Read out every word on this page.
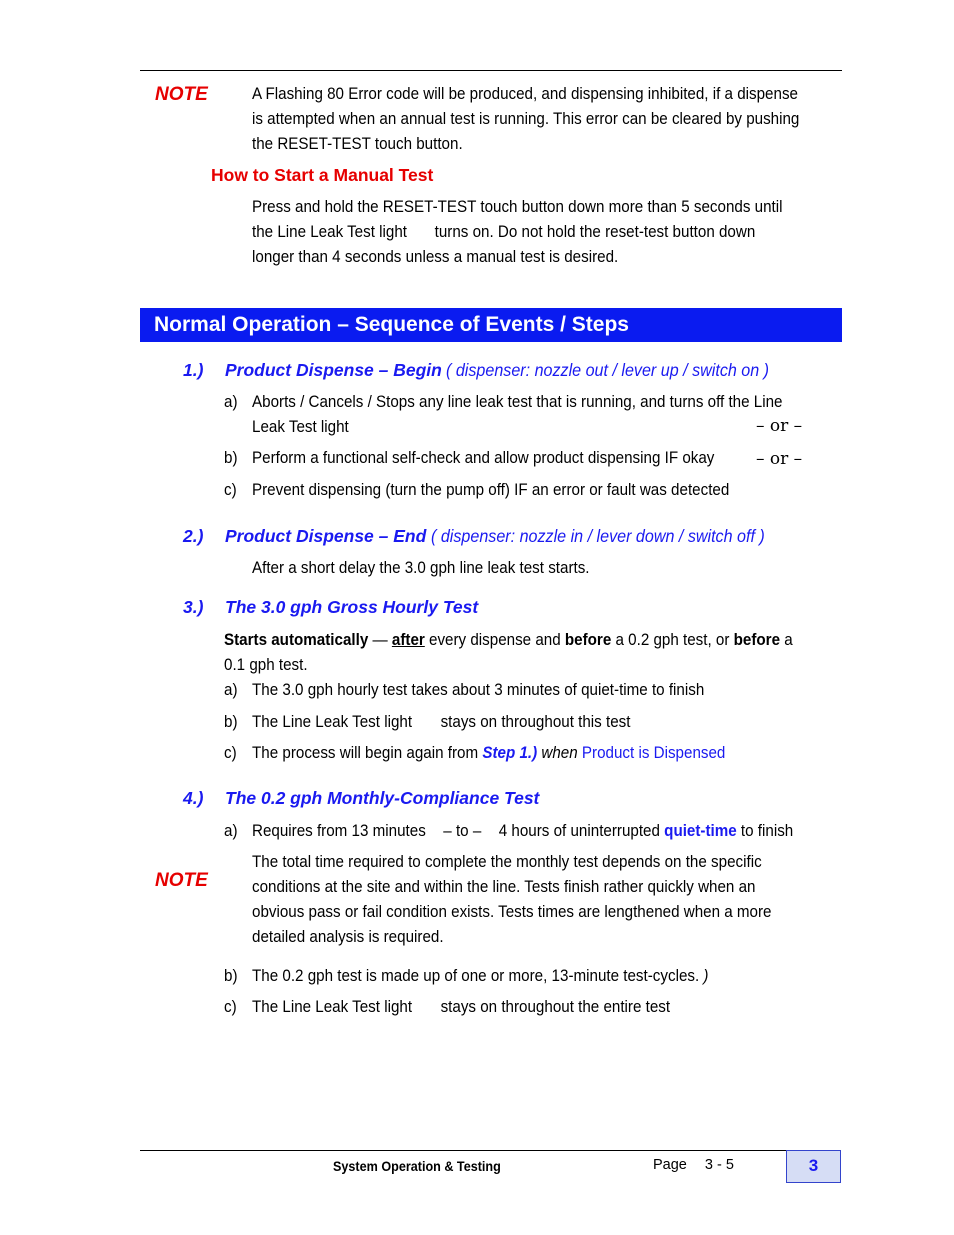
NOTE	A Flashing 80 Error code will be produced, and dispensing inhibited, if a dispense
is attempted when an annual test is running. This error can be cleared by pushing
the RESET-TEST touch button.
How to Start a Manual Test
Press and hold the RESET-TEST touch button down more than 5 seconds until
the Line Leak Test light turns on. Do not hold the reset-test button down
longer than 4 seconds unless a manual test is desired.
Normal Operation – Sequence of Events / Steps
1.) Product Dispense – Begin ( dispenser: nozzle out / lever up / switch on )
a) Aborts / Cancels / Stops any line leak test that is running, and turns off the Line
Leak Test light	– or –
b) Perform a functional self-check and allow product dispensing IF okay – or –
c) Prevent dispensing (turn the pump off) IF an error or fault was detected
2.) Product Dispense – End ( dispenser: nozzle in / lever down / switch off )
After a short delay the 3.0 gph line leak test starts.
3.) The 3.0 gph Gross Hourly Test
Starts automatically — after every dispense and before a 0.2 gph test, or before a
0.1 gph test.
a) The 3.0 gph hourly test takes about 3 minutes of quiet-time to finish
b) The Line Leak Test light stays on throughout this test
c) The process will begin again from Step 1.) when Product is Dispensed
4.) The 0.2 gph Monthly-Compliance Test
a) Requires from 13 minutes – to – 4 hours of uninterrupted quiet-time to finish
NOTE
The total time required to complete the monthly test depends on the specific
conditions at the site and within the line. Tests finish rather quickly when an
obvious pass or fail condition exists. Tests times are lengthened when a more
detailed analysis is required.
b) The 0.2 gph test is made up of one or more, 13-minute test-cycles. )
c) The Line Leak Test light stays on throughout the entire test
System Operation & Testing	Page 3 - 5	3
